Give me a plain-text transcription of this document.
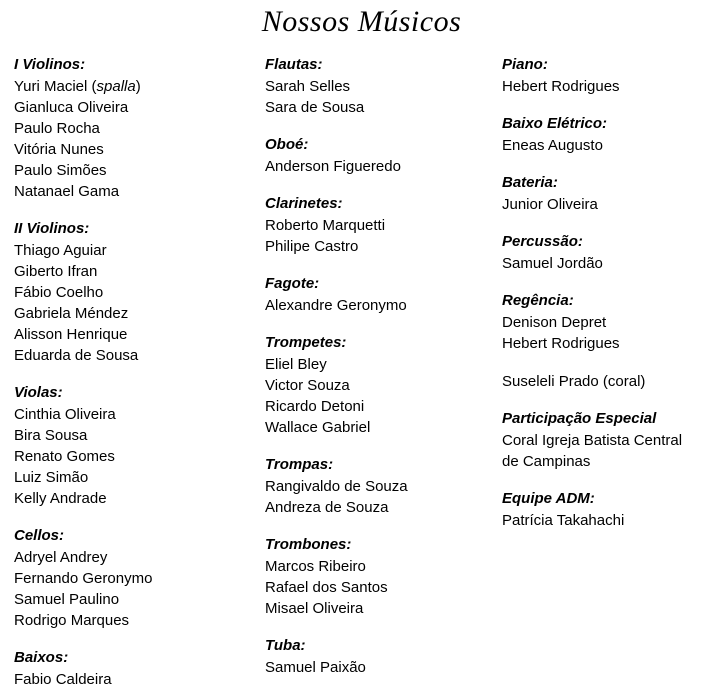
Nossos Músicos
I Violinos:
Yuri Maciel (spalla)
Gianluca Oliveira
Paulo Rocha
Vitória Nunes
Paulo Simões
Natanael Gama
II Violinos:
Thiago Aguiar
Giberto Ifran
Fábio Coelho
Gabriela Méndez
Alisson Henrique
Eduarda de Sousa
Violas:
Cinthia Oliveira
Bira Sousa
Renato Gomes
Luiz Simão
Kelly Andrade
Cellos:
Adryel Andrey
Fernando Geronymo
Samuel Paulino
Rodrigo Marques
Baixos:
Fabio Caldeira
Flautas:
Sarah Selles
Sara de Sousa
Oboé:
Anderson Figueredo
Clarinetes:
Roberto Marquetti
Philipe Castro
Fagote:
Alexandre Geronymo
Trompetes:
Eliel Bley
Victor Souza
Ricardo Detoni
Wallace Gabriel
Trompas:
Rangivaldo de Souza
Andreza de Souza
Trombones:
Marcos Ribeiro
Rafael dos Santos
Misael Oliveira
Tuba:
Samuel Paixão
Piano:
Hebert Rodrigues
Baixo Elétrico:
Eneas Augusto
Bateria:
Junior Oliveira
Percussão:
Samuel Jordão
Regência:
Denison Depret
Hebert Rodrigues
Suseleli Prado (coral)
Participação Especial
Coral Igreja Batista Central
de Campinas
Equipe ADM:
Patrícia Takahachi
